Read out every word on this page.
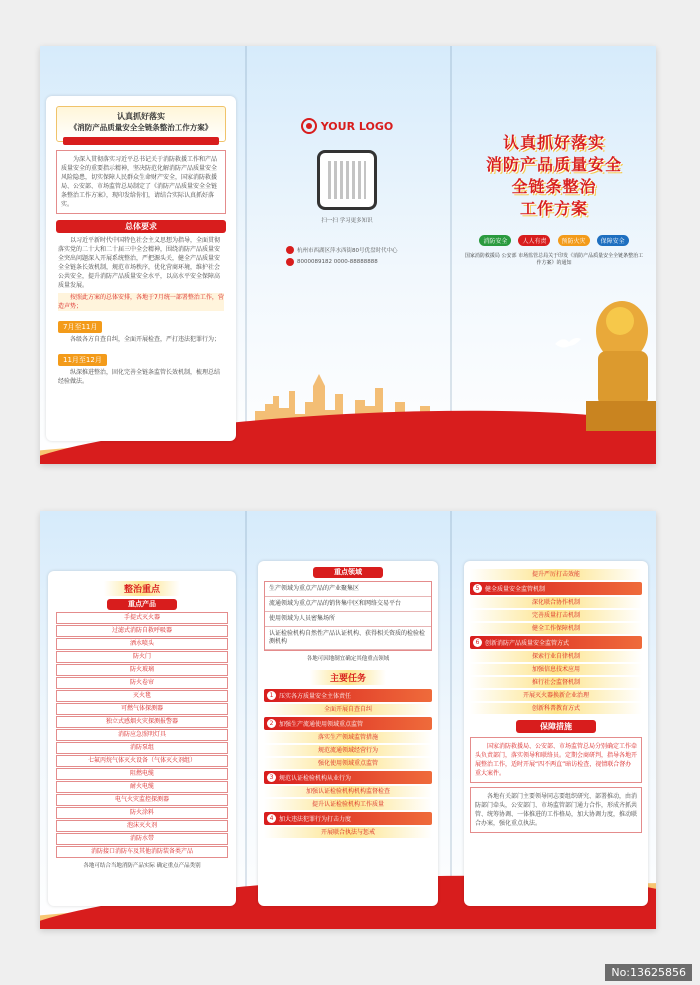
认真抓好落实
《消防产品质量安全全链条整治工作方案》
为深入贯彻落实习近平总书记关于消防救援工作和产品质量安全的重要指示精神，坚决防范化解消防产品质量安全风险隐患，切实保障人民群众生命财产安全，国家消防救援局、公安部、市场监管总局制定了《消防产品质量安全全链条整治工作方案》，现印发给你们，请结合实际认真抓好落实。
总体要求
以习近平新时代中国特色社会主义思想为指导，全面贯彻落实党的二十大和二十届三中全会精神，围绕消防产品质量安全突出问题深入开展系统整治，严把源头关，健全产品质量安全全链条长效机制，规范市场秩序，优化营商环境，维护社会公共安全，提升消防产品质量安全水平，以高水平安全保障高质量发展。
按照此方案的总体安排，各地于7月统一部署整治工作，营造声势；
7月至11月
各级各方自查自纠，全面开展检查，严打违法犯罪行为；
11月至12月
纵深推进整治，固化完善全链条监管长效机制，梳理总结经验做法。
YOUR LOGO
扫一扫 学习更多知识
杭州市西湖区萍水西街80号优盘时代中心
8000089182 0000-88888888
认真抓好落实
消防产品质量安全
全链条整治
工作方案
消防安全	人人有责	预防火灾	保障安全
国家消防救援局 公安部 市场监管总局关于印发《消防产品质量安全全链条整治工作方案》的通知
整治重点
重点产品
手提式灭火器
过滤式消防自救呼吸器
洒水喷头
防火门
防火玻璃
防火卷帘
灭火毯
可燃气体探测器
独立式感烟火灾探测报警器
消防应急照明灯具
消防泵组
七氟丙烷气体灭火设备（气体灭火剂组）
阻燃电缆
耐火电缆
电气火灾监控探测器
防火涂料
泡沫灭火剂
消防水带
消防接口消防车及其他消防装备类产品
各地可结合当地消防产品实际 确定重点产品类别
重点领域
生产领域为重点产品的产业聚集区
流通领域为重点产品的销售集中区和网络交易平台
使用领域为人员密集场所
认证检验机构自然性产品认证机构、获得相关资质的检验检测机构
各地可因地制宜确定其他重点领域
主要任务
1 压实各方质量安全主体责任
全面开展自查自纠
2 加强生产流通使用领域重点监管
落实生产领域监管措施
规范流通领域经营行为
强化使用领域重点监管
3 规范认证检验机构从业行为
加强认证检验机构机构监督检查
提升认证检验机构工作质量
4 加大违法犯罪行为打击力度
开展联合执法与惩戒
提升严厉打击效能
5 健全质量安全监管机制
深化联合协作机制
完善质量打击机制
健全工作保障机制
6 创新消防产品质量安全监管方式
探索行业自律机制
加强信息技术应用
推行社会监督机制
开展灭火器换新企业治理
创新科普教育方式
保障措施
国家消防救援局、公安部、市场监管总局分别确定工作牵头负责部门，落实领导和联络员。定期会商研判，指导各地开展整治工作，适时开展“四不两直”暗访检查，视情联合督办重大案件。
各地有关部门主要领导同志要组织研究、部署推动，由消防部门牵头，公安部门、市场监管部门通力合作，形成齐抓共管、统筹协调、一体推进的工作格局，加大协调力度，推动联合办案，强化重点执法。
No:13625856
